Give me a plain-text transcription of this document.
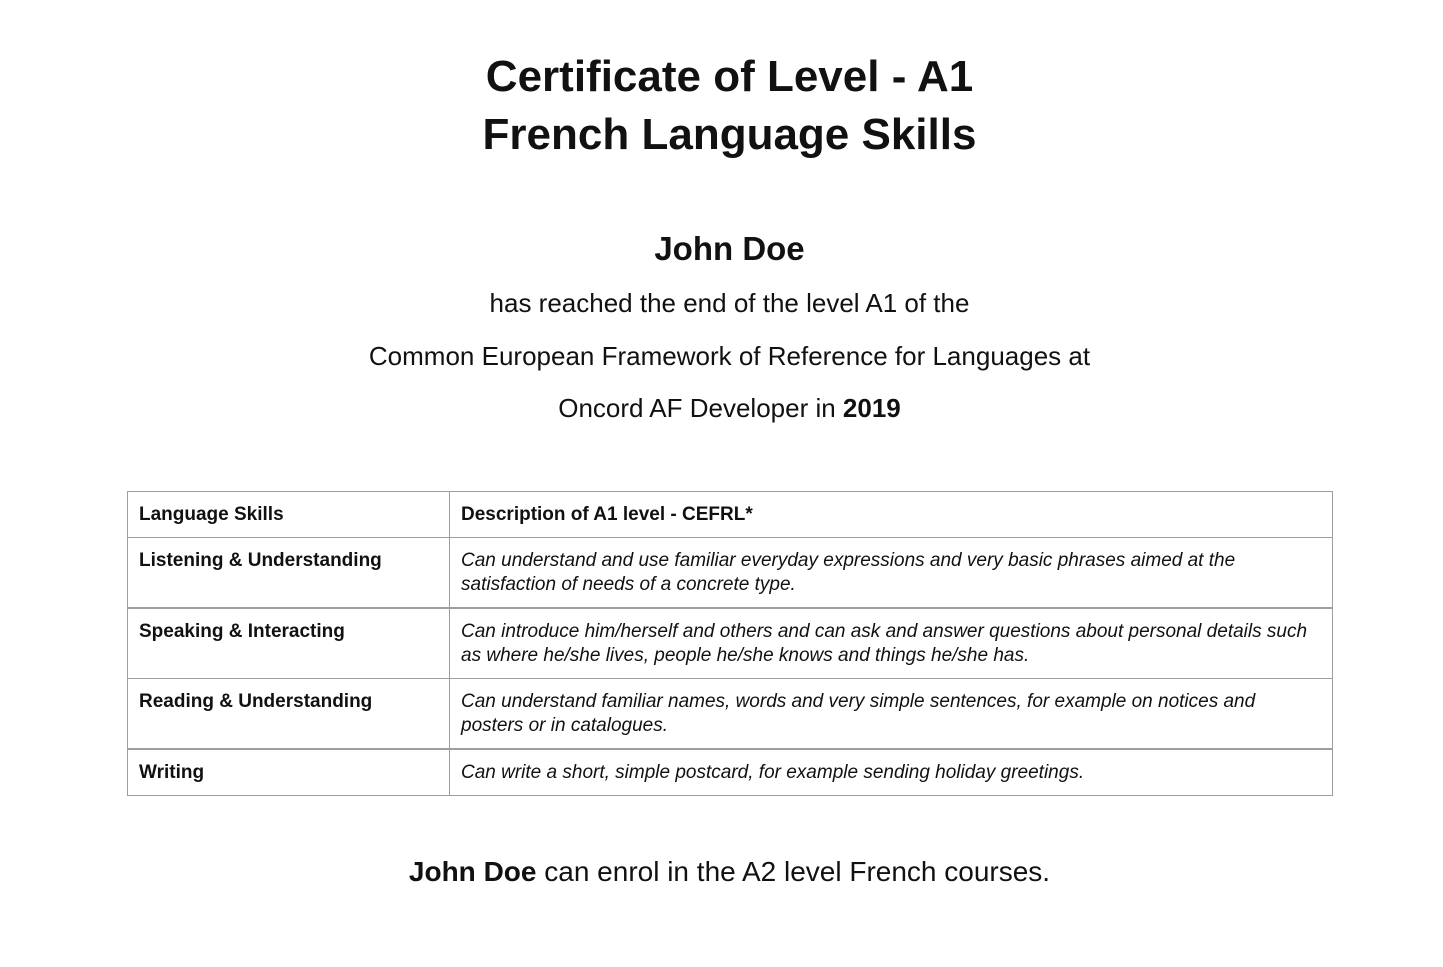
Certificate of Level - A1

French Language Skills

John Doe

has reached the end of the level A1 of the

Common European Framework of Reference for Languages at

Oncord AF Developer in 2019

Language Skills	Description of A1 level - CEFRL*
Listening & Understanding	Can understand and use familiar everyday expressions and very basic phrases aimed at the satisfaction of needs of a concrete type.
Speaking & Interacting	Can introduce him/herself and others and can ask and answer questions about personal details such as where he/she lives, people he/she knows and things he/she has.
Reading & Understanding	Can understand familiar names, words and very simple sentences, for example on notices and posters or in catalogues.
Writing	Can write a short, simple postcard, for example sending holiday greetings.

John Doe can enrol in the A2 level French courses.
